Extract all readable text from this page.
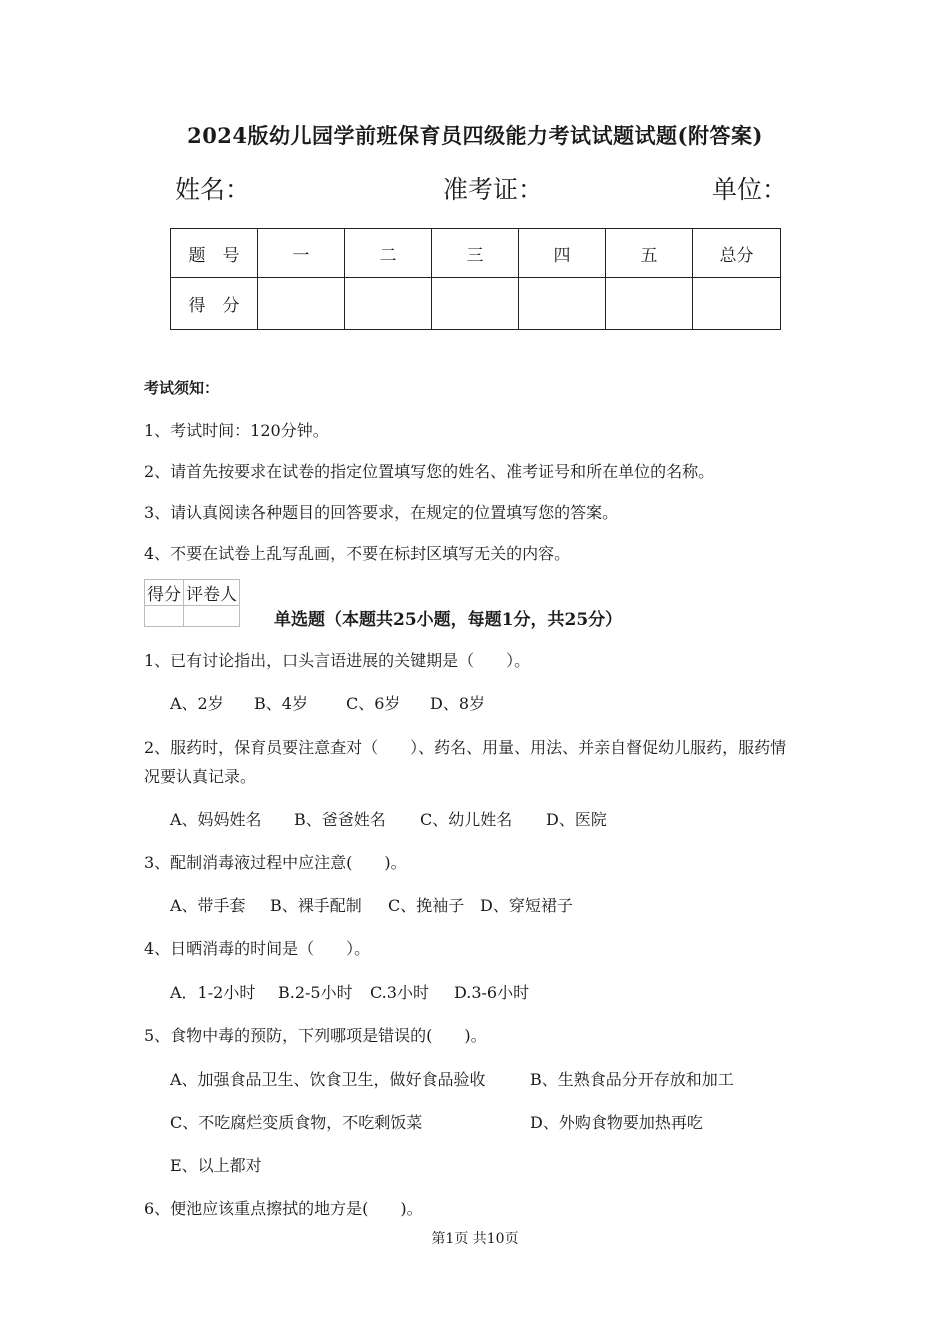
2024版幼儿园学前班保育员四级能力考试试题试题(附答案)
姓名：	准考证：	单位：
题　号	一	二	三	四	五	总分
得　分						
考试须知：
1、考试时间：120分钟。
2、请首先按要求在试卷的指定位置填写您的姓名、准考证号和所在单位的名称。
3、请认真阅读各种题目的回答要求，在规定的位置填写您的答案。
4、不要在试卷上乱写乱画，不要在标封区填写无关的内容。
得分	评卷人

单选题（本题共25小题，每题1分，共25分）
1、已有讨论指出，口头言语进展的关键期是（　　）。
A、2岁 B、4岁 C、6岁 D、8岁
2、服药时，保育员要注意查对（　　）、药名、用量、用法、并亲自督促幼儿服药，服药情
况要认真记录。
A、妈妈姓名 B、爸爸姓名 C、幼儿姓名 D、医院
3、配制消毒液过程中应注意(　　)。
A、带手套 B、裸手配制 C、挽袖子 D、穿短裙子
4、日晒消毒的时间是（　　）。
A．1-2小时 B.2-5小时 C.3小时 D.3-6小时
5、食物中毒的预防，下列哪项是错误的(　　)。
A、加强食品卫生、饮食卫生，做好食品验收	B、生熟食品分开存放和加工
C、不吃腐烂变质食物，不吃剩饭菜	D、外购食物要加热再吃
E、以上都对
6、便池应该重点擦拭的地方是(　　)。
第1页 共10页
